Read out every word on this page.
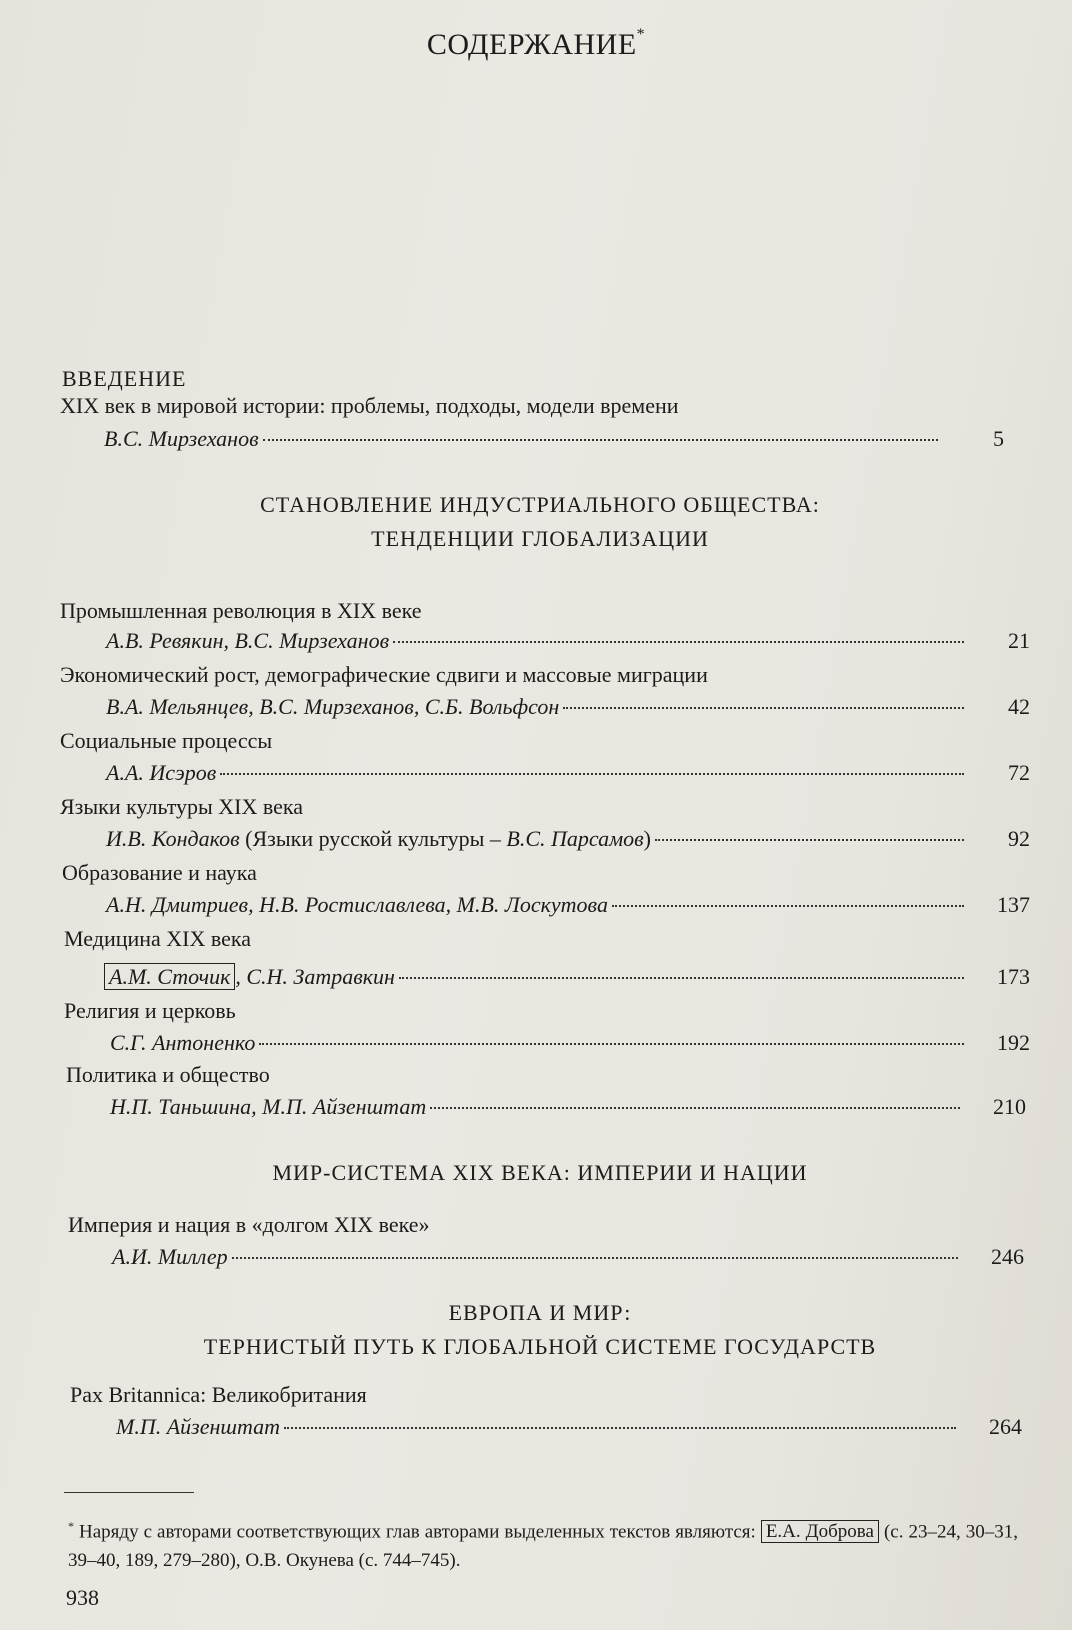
СОДЕРЖАНИЕ*
ВВЕДЕНИЕ
XIX век в мировой истории: проблемы, подходы, модели времени
В.С. Мирзеханов	5
СТАНОВЛЕНИЕ ИНДУСТРИАЛЬНОГО ОБЩЕСТВА:
ТЕНДЕНЦИИ ГЛОБАЛИЗАЦИИ
Промышленная революция в XIX веке
А.В. Ревякин, В.С. Мирзеханов	21
Экономический рост, демографические сдвиги и массовые миграции
В.А. Мельянцев, В.С. Мирзеханов, С.Б. Вольфсон	42
Социальные процессы
А.А. Исэров	72
Языки культуры XIX века
И.В. Кондаков (Языки русской культуры – В.С. Парсамов)	92
Образование и наука
А.Н. Дмитриев, Н.В. Ростиславлева, М.В. Лоскутова	137
Медицина XIX века
А.М. Сточик , С.Н. Затравкин	173
Религия и церковь
С.Г. Антоненко	192
Политика и общество
Н.П. Таньшина, М.П. Айзенштат	210
МИР-СИСТЕМА XIX ВЕКА: ИМПЕРИИ И НАЦИИ
Империя и нация в «долгом XIX веке»
А.И. Миллер	246
ЕВРОПА И МИР:
ТЕРНИСТЫЙ ПУТЬ К ГЛОБАЛЬНОЙ СИСТЕМЕ ГОСУДАРСТВ
Pax Britannica: Великобритания
М.П. Айзенштат	264
* Наряду с авторами соответствующих глав авторами выделенных текстов являются: Е.А. Доброва (с. 23–24, 30–31, 39–40, 189, 279–280), О.В. Окунева (с. 744–745).
938
